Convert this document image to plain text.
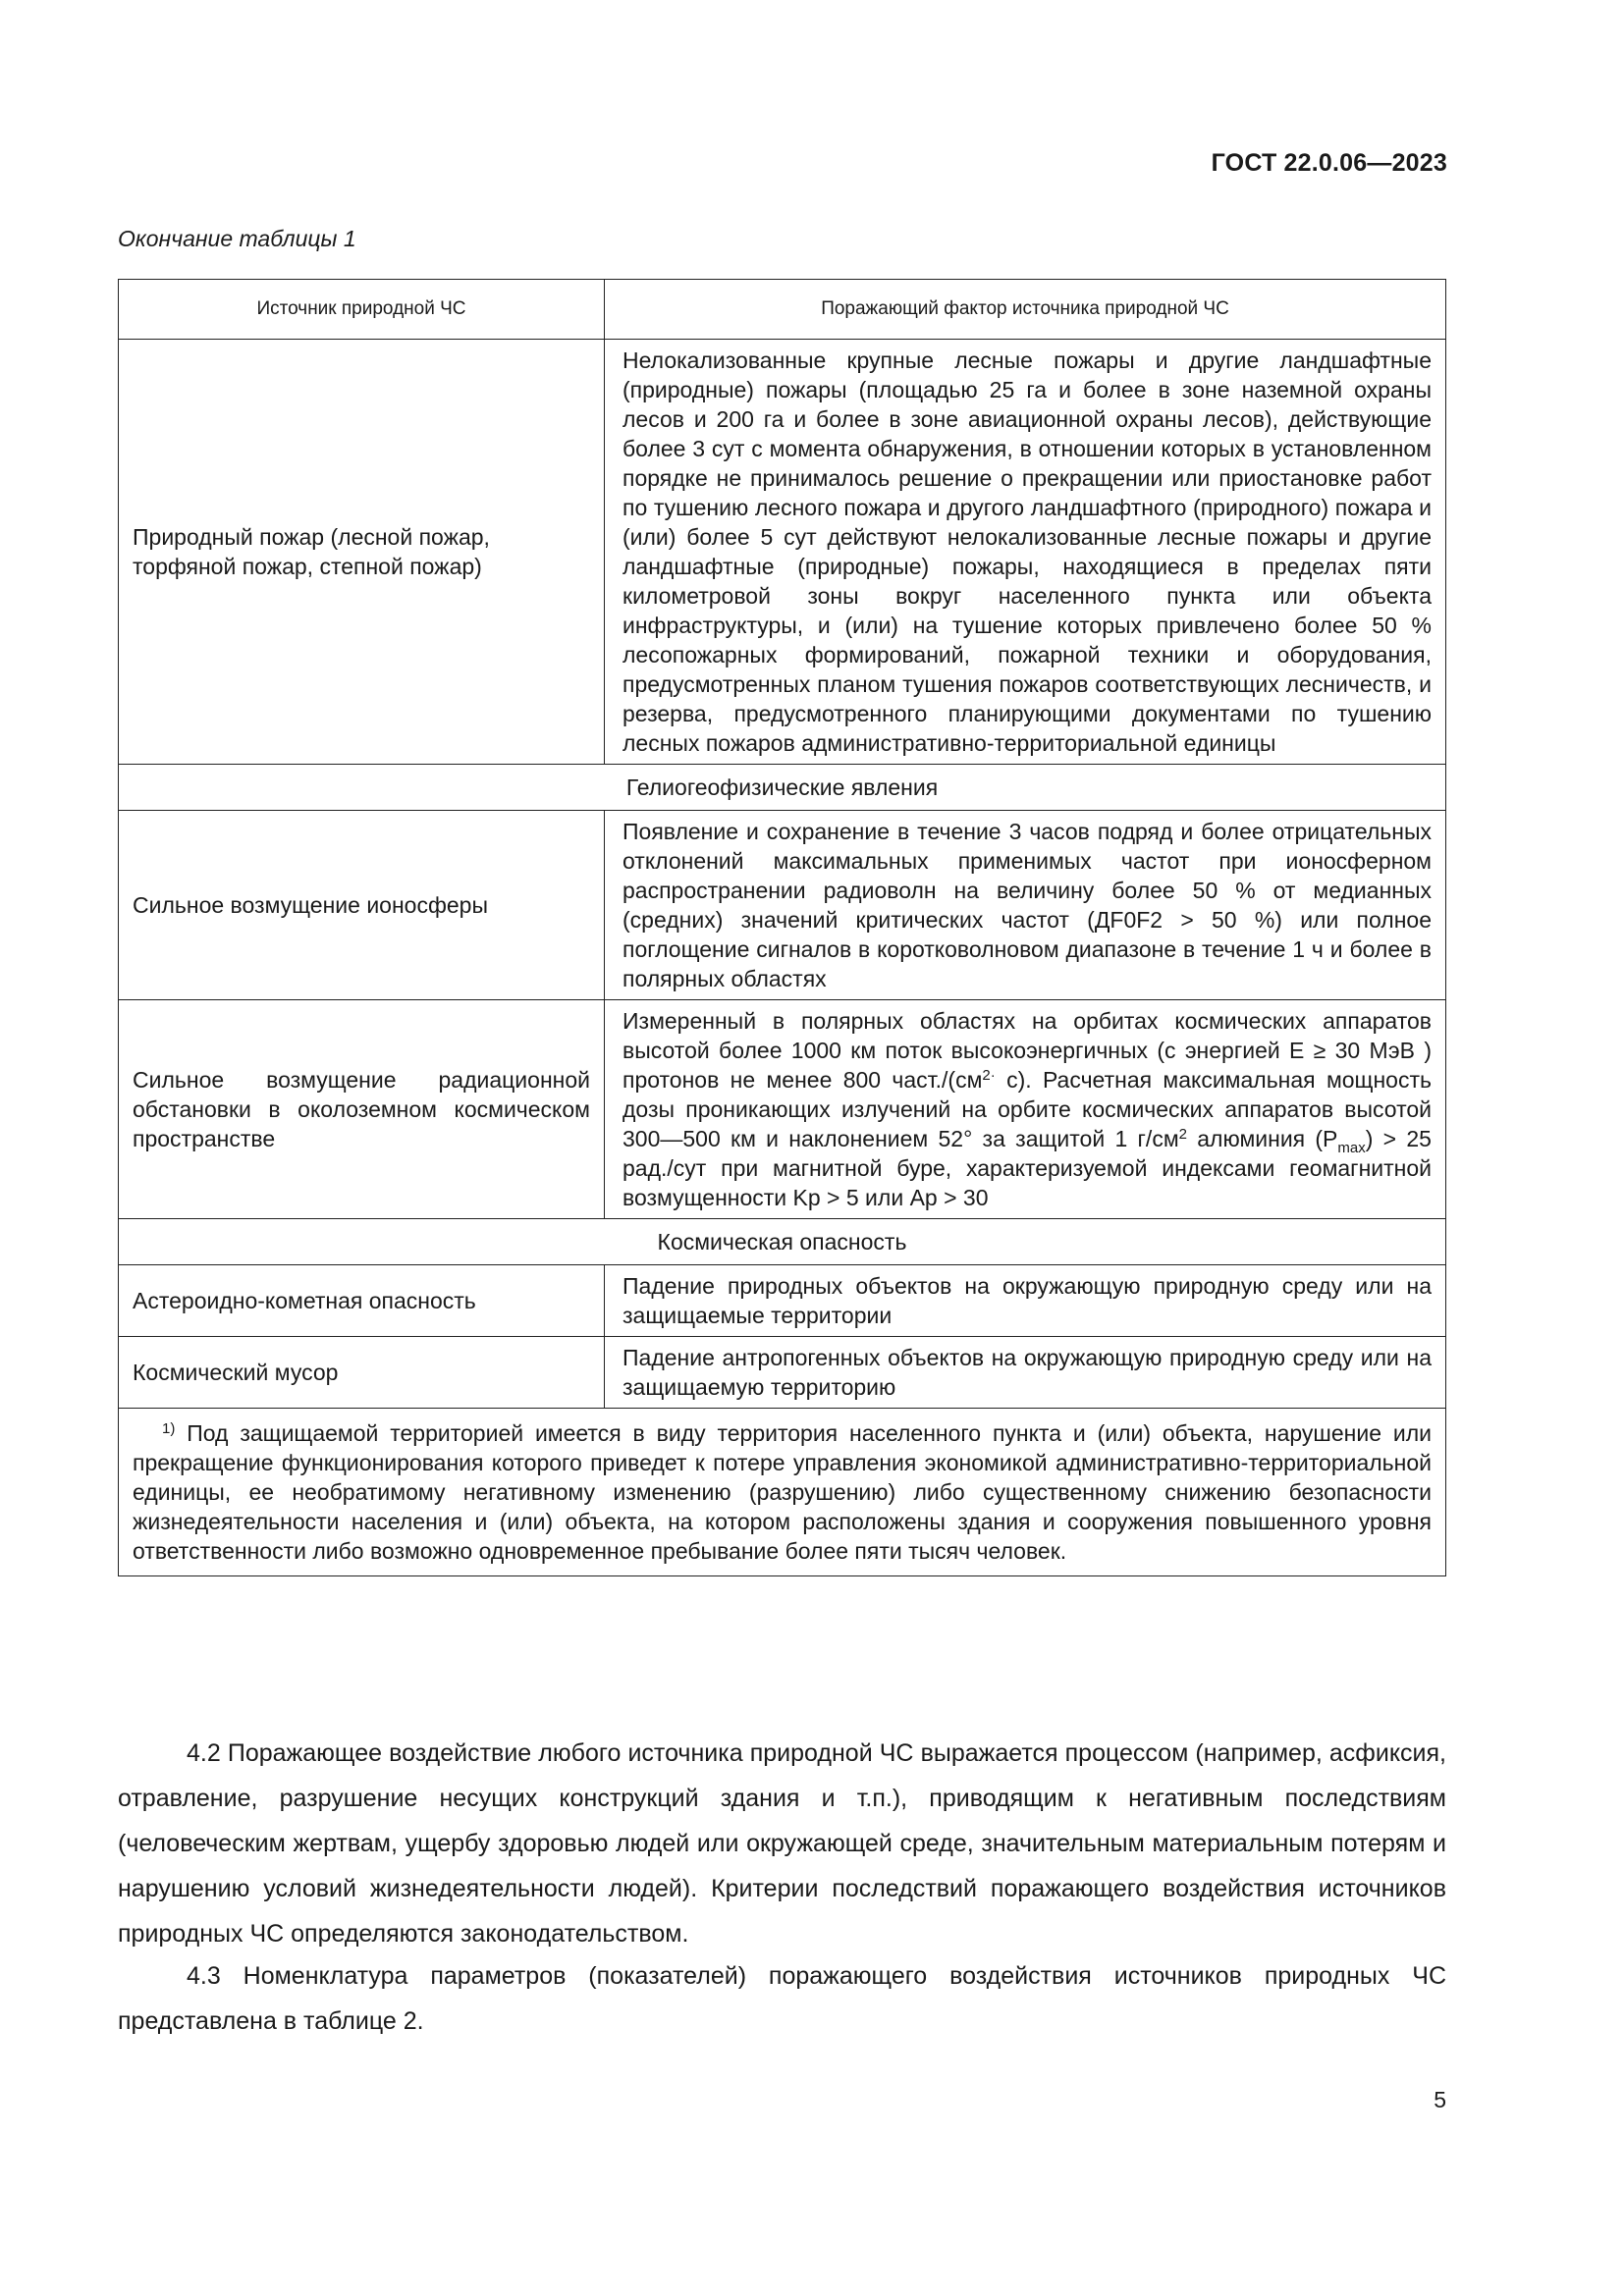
ГОСТ 22.0.06—2023
Окончание таблицы 1
Источник природной ЧС	Поражающий фактор источника природной ЧС
Природный пожар (лесной пожар, торфяной пожар, степной пожар)	Нелокализованные крупные лесные пожары и другие ландшафтные (природные) пожары (площадью 25 га и более в зоне наземной охраны лесов и 200 га и более в зоне авиационной охраны лесов), действующие более 3 сут с момента обнаружения, в отношении которых в установленном порядке не принималось решение о прекращении или приостановке работ по тушению лесного пожара и другого ландшафтного (природного) пожара и (или) более 5 сут действуют нелокализованные лесные пожары и другие ландшафтные (природные) пожары, находящиеся в пределах пяти километровой зоны вокруг населенного пункта или объекта инфраструктуры, и (или) на тушение которых привлечено более 50 % лесопожарных формирований, пожарной техники и оборудования, предусмотренных планом тушения пожаров соответствующих лесничеств, и резерва, предусмотренного планирующими документами по тушению лесных пожаров административно-территориальной единицы
Гелиогеофизические явления	
Сильное возмущение ионосферы	Появление и сохранение в течение 3 часов подряд и более отрицательных отклонений максимальных применимых частот при ионосферном распространении радиоволн на величину более 50 % от медианных (средних) значений критических частот (ДF0F2 > 50 %) или полное поглощение сигналов в коротковолновом диапазоне в течение 1 ч и более в полярных областях
Сильное возмущение радиационной обстановки в околоземном космическом пространстве	Измеренный в полярных областях на орбитах космических аппаратов высотой более 1000 км поток высокоэнергичных (с энергией E ≥ 30 МэВ ) протонов не менее 800 $част./(см^{2\cdot}$ с). Расчетная максимальная мощность дозы проникающих излучений на орбите космических аппаратов высотой 300—500 км и наклонением 52° за защитой 1 $г/см^2$ алюминия $(P_{max}) > 25$ рад./сут при магнитной буре, характеризуемой индексами геомагнитной возмущенности Kp > 5 или Ap > 30
Космическая опасность	
Астероидно-кометная опасность	Падение природных объектов на окружающую природную среду или на защищаемые территории
Космический мусор	Падение антропогенных объектов на окружающую природную среду или на защищаемую территорию
$^{1)}$ Под защищаемой территорией имеется в виду территория населенного пункта и (или) объекта, нарушение или прекращение функционирования которого приведет к потере управления экономикой административно-территориальной единицы, ее необратимому негативному изменению (разрушению) либо существенному снижению безопасности жизнедеятельности населения и (или) объекта, на котором расположены здания и сооружения повышенного уровня ответственности либо возможно одновременное пребывание более пяти тысяч человек.	
4.2 Поражающее воздействие любого источника природной ЧС выражается процессом (например, асфиксия, отравление, разрушение несущих конструкций здания и т.п.), приводящим к негативным последствиям (человеческим жертвам, ущербу здоровью людей или окружающей среде, значительным материальным потерям и нарушению условий жизнедеятельности людей). Критерии последствий поражающего воздействия источников природных ЧС определяются законодательством.
4.3 Номенклатура параметров (показателей) поражающего воздействия источников природных ЧС представлена в таблице 2.
5
